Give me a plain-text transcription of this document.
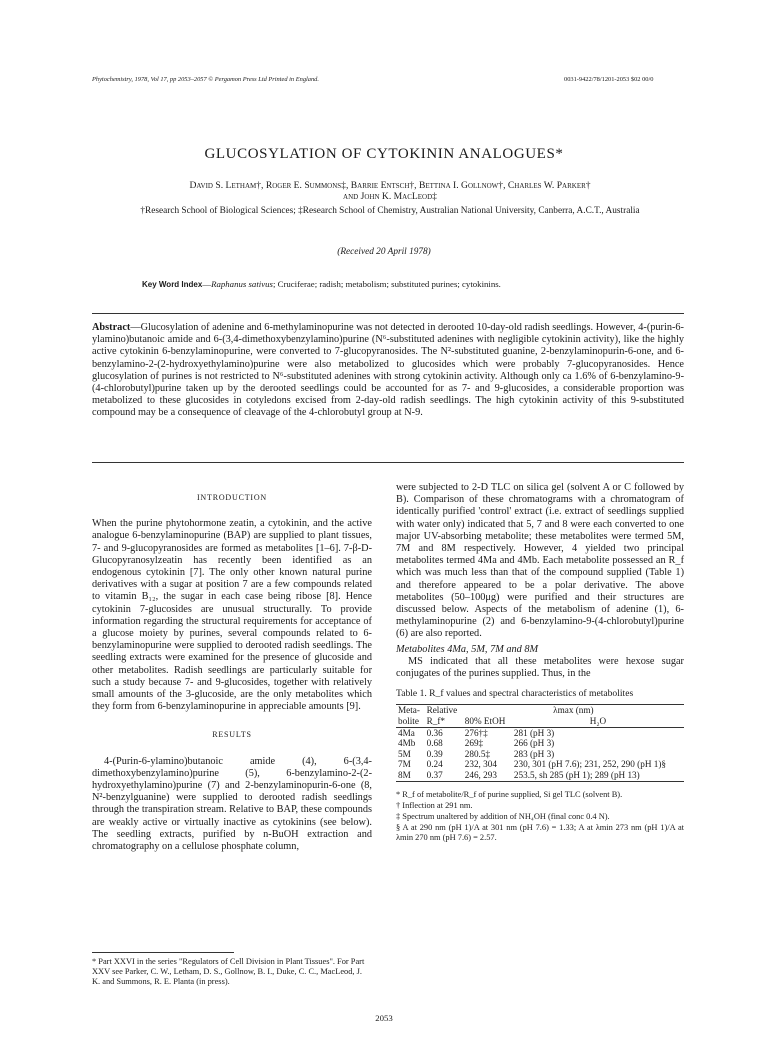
Phytochemistry, 1978, Vol 17, pp 2053–2057 © Pergamon Press Ltd Printed in England.	0031-9422/78/1201-2053 $02 00/0
GLUCOSYLATION OF CYTOKININ ANALOGUES*
David S. Letham†, Roger E. Summons‡, Barrie Entsch†, Bettina I. Gollnow†, Charles W. Parker†
and John K. MacLeod‡
†Research School of Biological Sciences; ‡Research School of Chemistry, Australian National University, Canberra, A.C.T., Australia
(Received 20 April 1978)
Key Word Index—Raphanus sativus; Cruciferae; radish; metabolism; substituted purines; cytokinins.
Abstract—Glucosylation of adenine and 6-methylaminopurine was not detected in derooted 10-day-old radish seedlings. However, 4-(purin-6-ylamino)butanoic amide and 6-(3,4-dimethoxybenzylamino)purine (N⁶-substituted adenines with negligible cytokinin activity), like the highly active cytokinin 6-benzylaminopurine, were converted to 7-glucopyranosides. The N²-substituted guanine, 2-benzylaminopurin-6-one, and 6-benzylamino-2-(2-hydroxyethylamino)purine were also metabolized to glucosides which were probably 7-glucopyranosides. Hence glucosylation of purines is not restricted to N⁶-substituted adenines with strong cytokinin activity. Although only ca 1.6% of 6-benzylamino-9-(4-chlorobutyl)purine taken up by the derooted seedlings could be accounted for as 7- and 9-glucosides, a considerable proportion was metabolized to these glucosides in cotyledons excised from 2-day-old radish seedlings. The high cytokinin activity of this 9-substituted compound may be a consequence of cleavage of the 4-chlorobutyl group at N-9.
INTRODUCTION

When the purine phytohormone zeatin, a cytokinin, and the active analogue 6-benzylaminopurine (BAP) are supplied to plant tissues, 7- and 9-glucopyranosides are formed as metabolites [1–6]. 7-β-D-Glucopyranosylzeatin has recently been identified as an endogenous cytokinin [7]. The only other known natural purine derivatives with a sugar at position 7 are a few compounds related to vitamin B₁₂, the sugar in each case being ribose [8]. Hence cytokinin 7-glucosides are unusual structurally. To provide information regarding the structural requirements for acceptance of a glucose moiety by purines, several compounds related to 6-benzylaminopurine were supplied to derooted radish seedlings. The seedling extracts were examined for the presence of glucoside and other metabolites. Radish seedlings are particularly suitable for such a study because 7- and 9-glucosides, together with relatively small amounts of the 3-glucoside, are the only metabolites which they form from 6-benzylaminopurine in appreciable amounts [9].

RESULTS

4-(Purin-6-ylamino)butanoic amide (4), 6-(3,4-dimethoxybenzylamino)purine (5), 6-benzylamino-2-(2-hydroxyethylamino)purine (7) and 2-benzylaminopurin-6-one (8, N²-benzylguanine) were supplied to derooted radish seedlings through the transpiration stream. Relative to BAP, these compounds are weakly active or virtually inactive as cytokinins (see below). The seedling extracts, purified by n-BuOH extraction and chromatography on a cellulose phosphate column,

* Part XXVI in the series "Regulators of Cell Division in Plant Tissues". For Part XXV see Parker, C. W., Letham, D. S., Gollnow, B. I., Duke, C. C., MacLeod, J. K. and Summons, R. E. Planta (in press).

were subjected to 2-D TLC on silica gel (solvent A or C followed by B). Comparison of these chromatograms with a chromatogram of identically purified 'control' extract (i.e. extract of seedlings supplied with water only) indicated that 5, 7 and 8 were each converted to one major UV-absorbing metabolite; these metabolites were termed 5M, 7M and 8M respectively. However, 4 yielded two principal metabolites termed 4Ma and 4Mb. Each metabolite possessed an R_f which was much less than that of the compound supplied (Table 1) and therefore appeared to be a polar derivative. The above metabolites (50–100μg) were purified and their structures are discussed below. Aspects of the metabolism of adenine (1), 6-methylaminopurine (2) and 6-benzylamino-9-(4-chlorobutyl)purine (6) are also reported.

Metabolites 4Ma, 5M, 7M and 8M

MS indicated that all these metabolites were hexose sugar conjugates of the purines supplied. Thus, in the

Table 1. R_f values and spectral characteristics of metabolites
Meta-	Relative	λmax (nm)	
bolite	R_f*	80% EtOH	H₂O
4Ma	0.36	276†‡	281 (pH 3)
4Mb	0.68	269‡	266 (pH 3)
5M	0.39	280.5‡	283 (pH 3)
7M	0.24	232, 304	230, 301 (pH 7.6); 231, 252, 290 (pH 1)§
8M	0.37	246, 293	253.5, sh 285 (pH 1); 289 (pH 13)

* R_f of metabolite/R_f of purine supplied, Si gel TLC (solvent B).

† Inflection at 291 nm.

‡ Spectrum unaltered by addition of NH₄OH (final conc 0.4 N).

§ A at 290 nm (pH 1)/A at 301 nm (pH 7.6) = 1.33; A at λmin 273 nm (pH 1)/A at λmin 270 nm (pH 7.6) = 2.57.

2053
